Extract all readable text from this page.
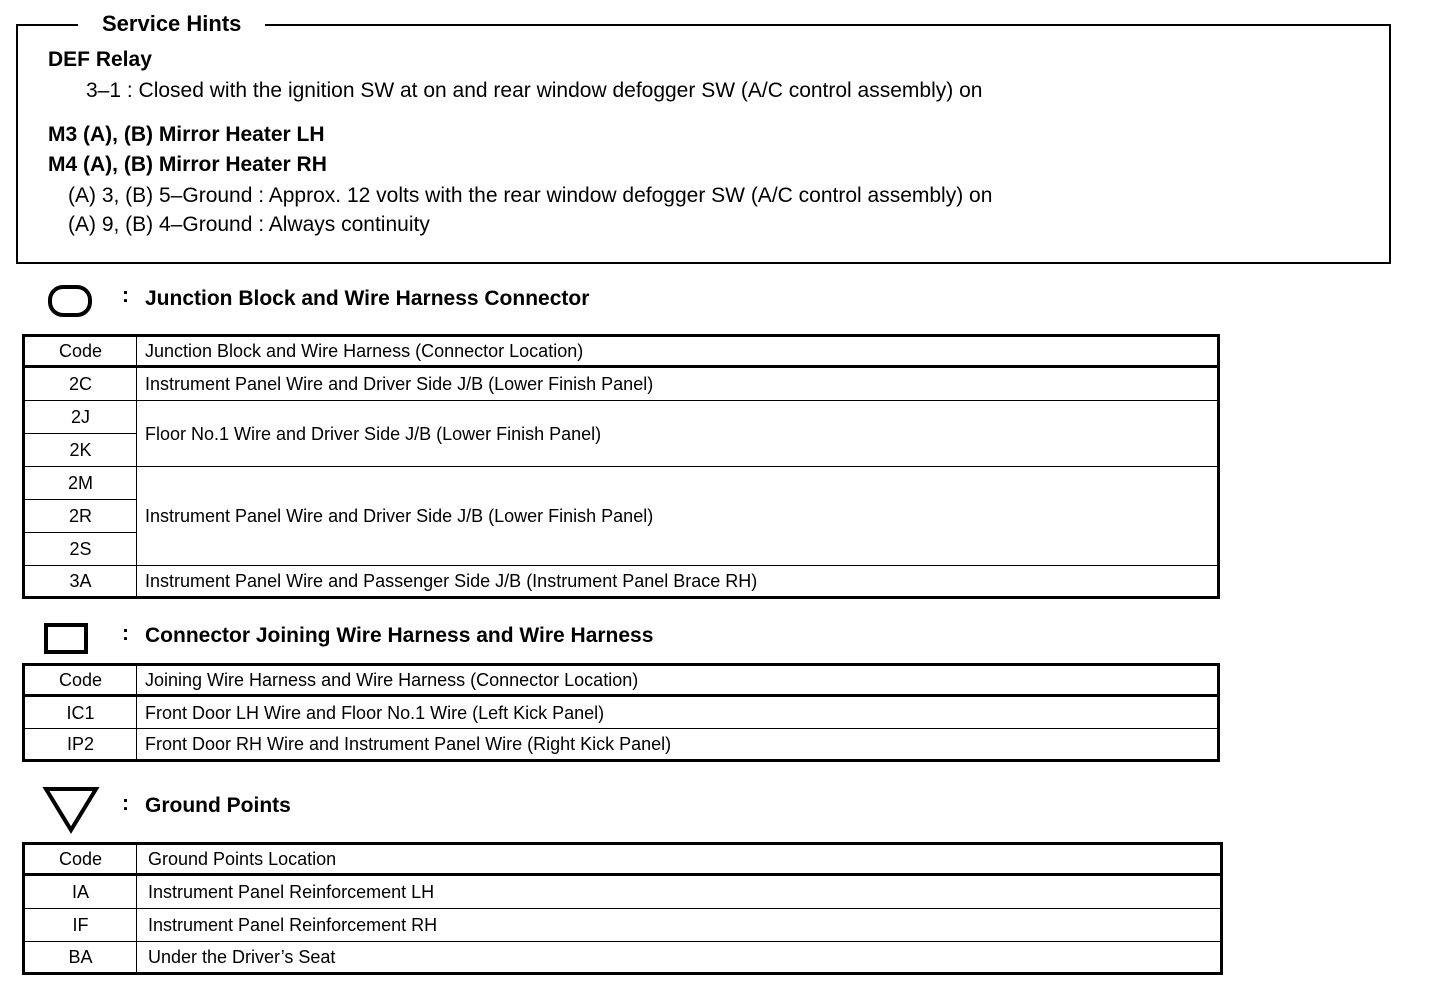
Service Hints
DEF Relay
3–1 : Closed with the ignition SW at on and rear window defogger SW (A/C control assembly) on
M3 (A), (B) Mirror Heater LH
M4 (A), (B) Mirror Heater RH
(A) 3, (B) 5–Ground : Approx. 12 volts with the rear window defogger SW (A/C control assembly) on
(A) 9, (B) 4–Ground : Always continuity
: Junction Block and Wire Harness Connector
Code	Junction Block and Wire Harness (Connector Location)
2C	Instrument Panel Wire and Driver Side J/B (Lower Finish Panel)
2J	Floor No.1 Wire and Driver Side J/B (Lower Finish Panel)
2K	
2M	Instrument Panel Wire and Driver Side J/B (Lower Finish Panel)
2R	
2S	
3A	Instrument Panel Wire and Passenger Side J/B (Instrument Panel Brace RH)
: Connector Joining Wire Harness and Wire Harness
Code	Joining Wire Harness and Wire Harness (Connector Location)
IC1	Front Door LH Wire and Floor No.1 Wire (Left Kick Panel)
IP2	Front Door RH Wire and Instrument Panel Wire (Right Kick Panel)
: Ground Points
Code	Ground Points Location
IA	Instrument Panel Reinforcement LH
IF	Instrument Panel Reinforcement RH
BA	Under the Driver’s Seat
